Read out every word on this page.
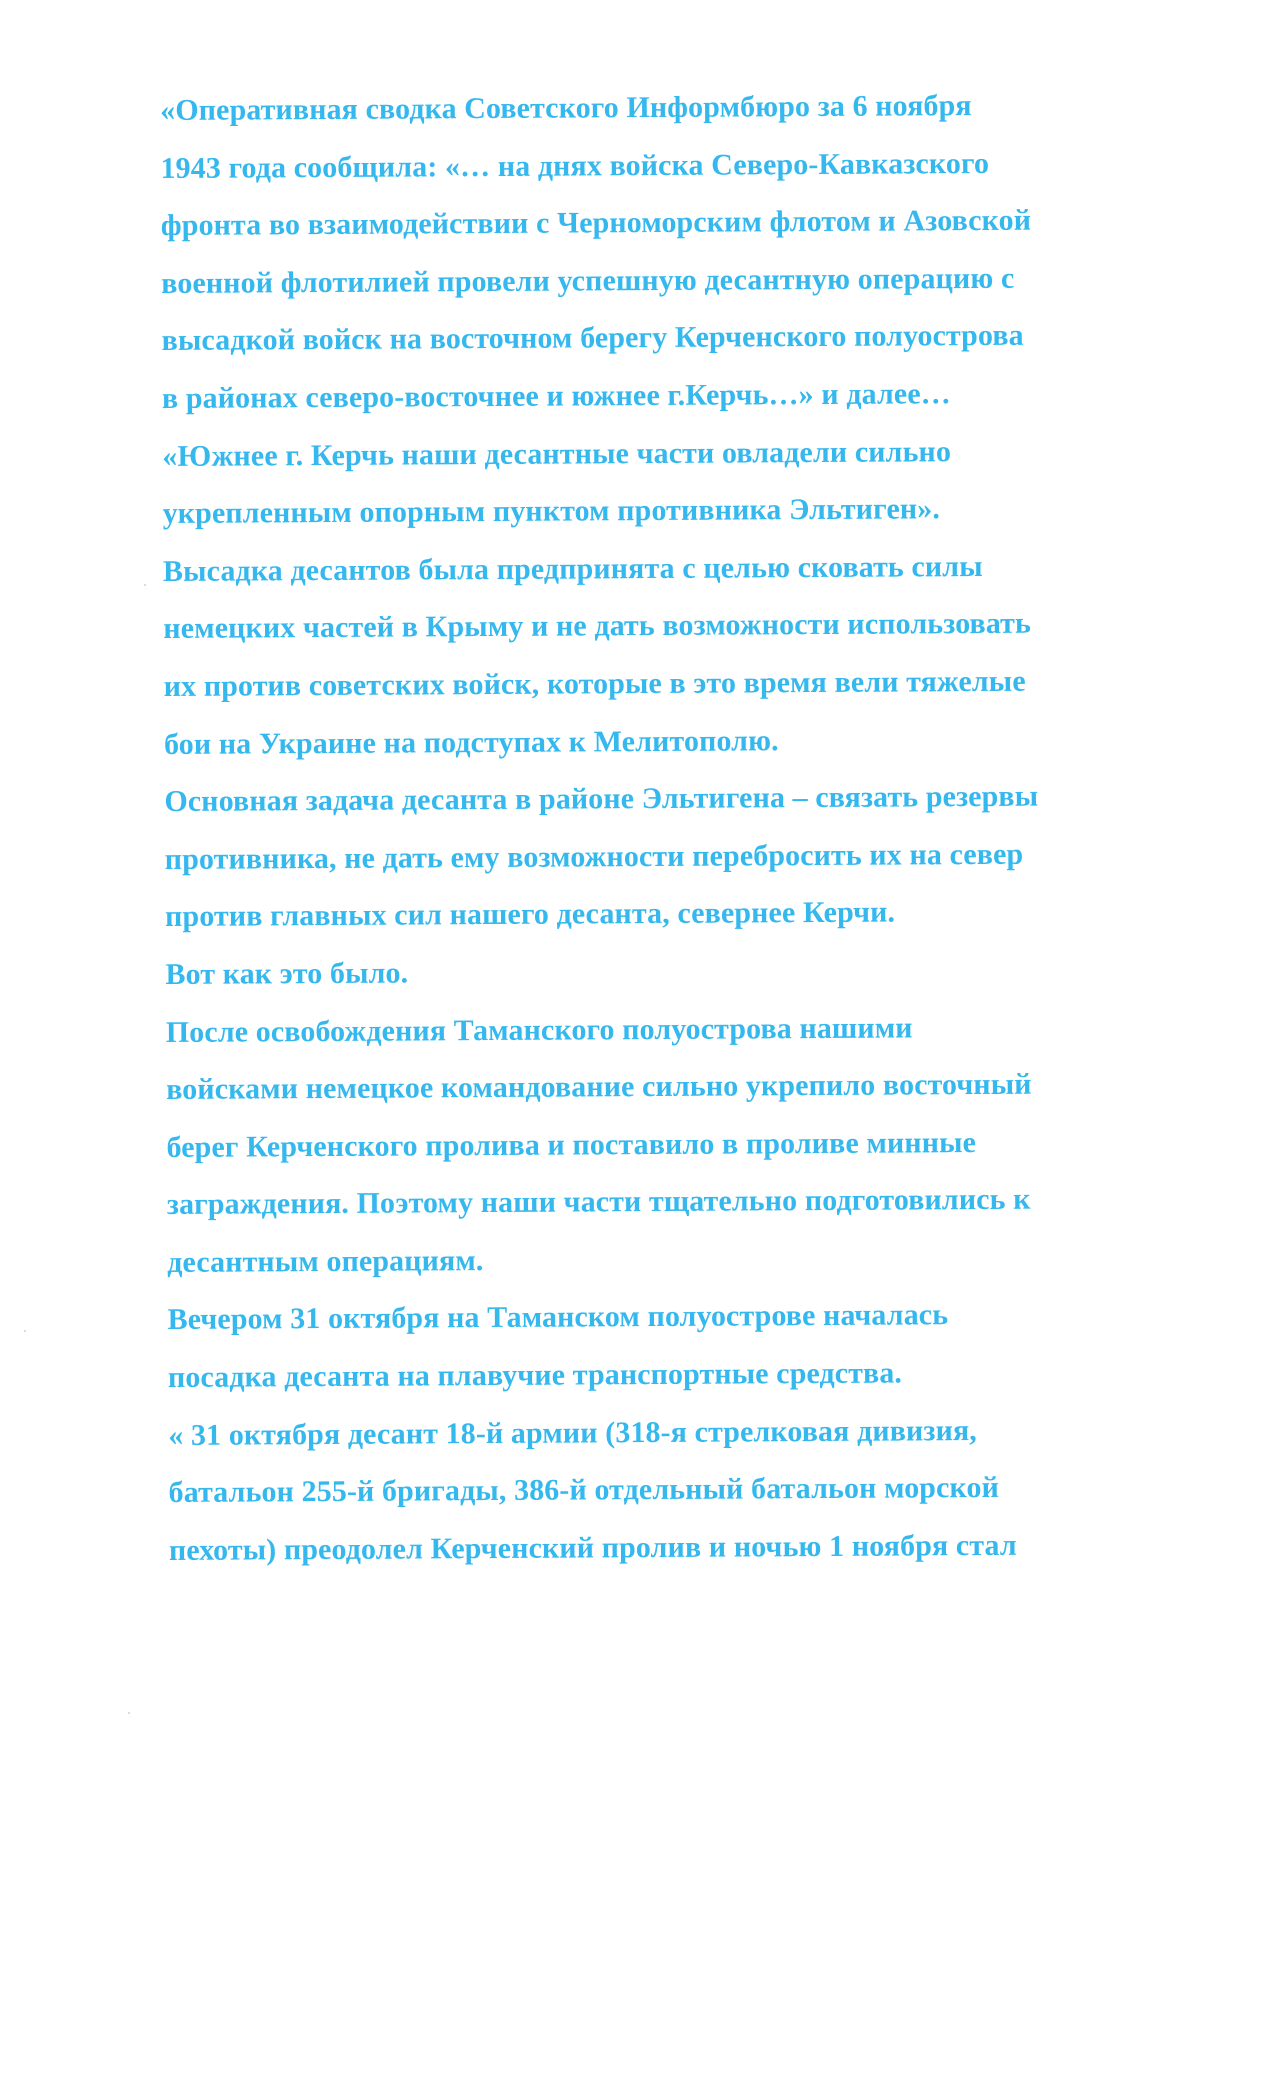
«Оперативная сводка Советского Информбюро за 6 ноября
1943 года сообщила: «… на днях войска Северо-Кавказского
фронта во взаимодействии с Черноморским флотом и Азовской
военной флотилией провели успешную десантную операцию с
высадкой войск на восточном берегу Керченского полуострова
в районах северо-восточнее и южнее г.Керчь…» и далее…
«Южнее г. Керчь наши десантные части овладели сильно
укрепленным опорным пунктом противника Эльтиген».
Высадка десантов была предпринята с целью сковать силы
немецких частей в Крыму и не дать возможности использовать
их против советских войск, которые в это время вели тяжелые
бои на Украине на подступах к Мелитополю.
Основная задача десанта в районе Эльтигена – связать резервы
противника, не дать ему возможности перебросить их на север
против главных сил нашего десанта, севернее Керчи.
Вот как это было.
После освобождения Таманского полуострова нашими
войсками немецкое командование сильно укрепило восточный
берег Керченского пролива и поставило в проливе минные
заграждения. Поэтому наши части тщательно подготовились к
десантным операциям.
Вечером 31 октября на Таманском полуострове началась
посадка десанта на плавучие транспортные средства.
« 31 октября десант 18-й армии (318-я стрелковая дивизия,
батальон 255-й бригады, 386-й отдельный батальон морской
пехоты) преодолел Керченский пролив и ночью 1 ноября стал
